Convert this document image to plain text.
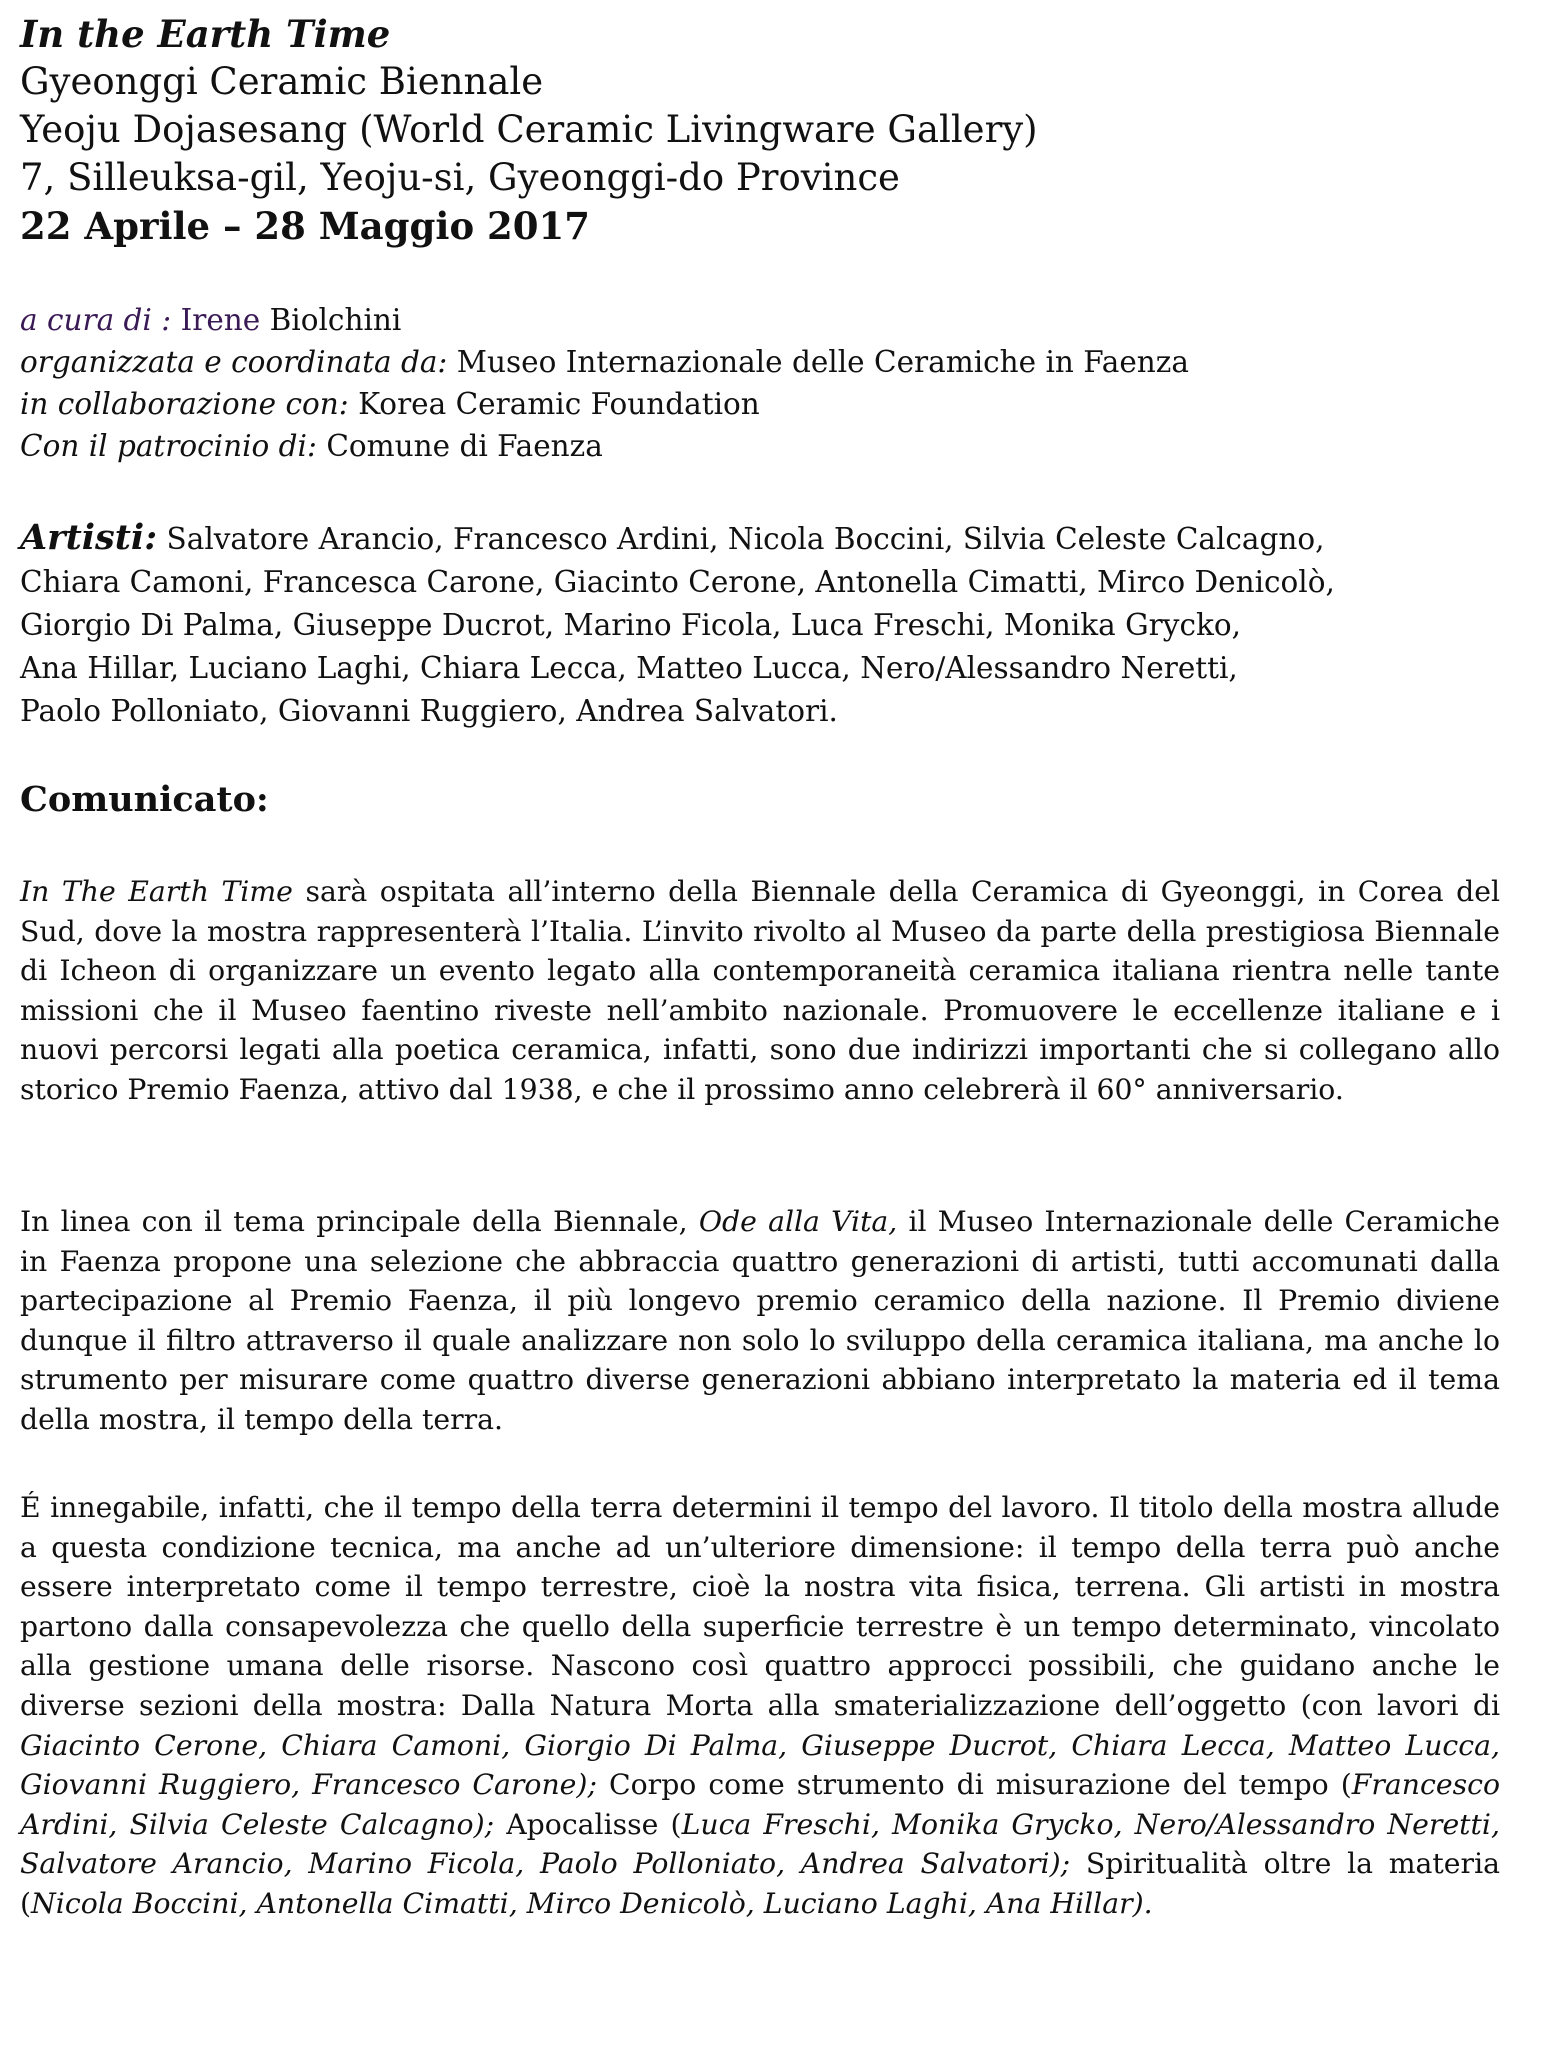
In the Earth Time
Gyeonggi Ceramic Biennale
Yeoju Dojasesang (World Ceramic Livingware Gallery)
7, Silleuksa-gil, Yeoju-si, Gyeonggi-do Province
22 Aprile – 28 Maggio 2017
a cura di : Irene Biolchini
organizzata e coordinata da: Museo Internazionale delle Ceramiche in Faenza
in collaborazione con: Korea Ceramic Foundation
Con il patrocinio di: Comune di Faenza
Artisti: Salvatore Arancio, Francesco Ardini, Nicola Boccini, Silvia Celeste Calcagno,
Chiara Camoni, Francesca Carone, Giacinto Cerone, Antonella Cimatti, Mirco Denicolò,
Giorgio Di Palma, Giuseppe Ducrot, Marino Ficola, Luca Freschi, Monika Grycko,
Ana Hillar, Luciano Laghi, Chiara Lecca, Matteo Lucca, Nero/Alessandro Neretti,
Paolo Polloniato, Giovanni Ruggiero, Andrea Salvatori.
Comunicato:

In The Earth Time sarà ospitata all’interno della Biennale della Ceramica di Gyeonggi, in Corea del Sud, dove la mostra rappresenterà l’Italia. L’invito rivolto al Museo da parte della prestigiosa Biennale di Icheon di organizzare un evento legato alla contemporaneità ceramica italiana rientra nelle tante missioni che il Museo faentino riveste nell’ambito nazionale. Promuovere le eccellenze italiane e i nuovi percorsi legati alla poetica ceramica, infatti, sono due indirizzi importanti che si collegano allo storico Premio Faenza, attivo dal 1938, e che il prossimo anno celebrerà il 60° anniversario.

In linea con il tema principale della Biennale, Ode alla Vita, il Museo Internazionale delle Ceramiche in Faenza propone una selezione che abbraccia quattro generazioni di artisti, tutti accomunati dalla partecipazione al Premio Faenza, il più longevo premio ceramico della nazione. Il Premio diviene dunque il filtro attraverso il quale analizzare non solo lo sviluppo della ceramica italiana, ma anche lo strumento per misurare come quattro diverse generazioni abbiano interpretato la materia ed il tema della mostra, il tempo della terra.

É innegabile, infatti, che il tempo della terra determini il tempo del lavoro. Il titolo della mostra allude a questa condizione tecnica, ma anche ad un’ulteriore dimensione: il tempo della terra può anche essere interpretato come il tempo terrestre, cioè la nostra vita fisica, terrena. Gli artisti in mostra partono dalla consapevolezza che quello della superficie terrestre è un tempo determinato, vincolato alla gestione umana delle risorse. Nascono così quattro approcci possibili, che guidano anche le diverse sezioni della mostra: Dalla Natura Morta alla smaterializzazione dell’oggetto (con lavori di Giacinto Cerone, Chiara Camoni, Giorgio Di Palma, Giuseppe Ducrot, Chiara Lecca, Matteo Lucca, Giovanni Ruggiero, Francesco Carone); Corpo come strumento di misurazione del tempo (Francesco Ardini, Silvia Celeste Calcagno); Apocalisse (Luca Freschi, Monika Grycko, Nero/Alessandro Neretti, Salvatore Arancio, Marino Ficola, Paolo Polloniato, Andrea Salvatori); Spiritualità oltre la materia (Nicola Boccini, Antonella Cimatti, Mirco Denicolò, Luciano Laghi, Ana Hillar).
